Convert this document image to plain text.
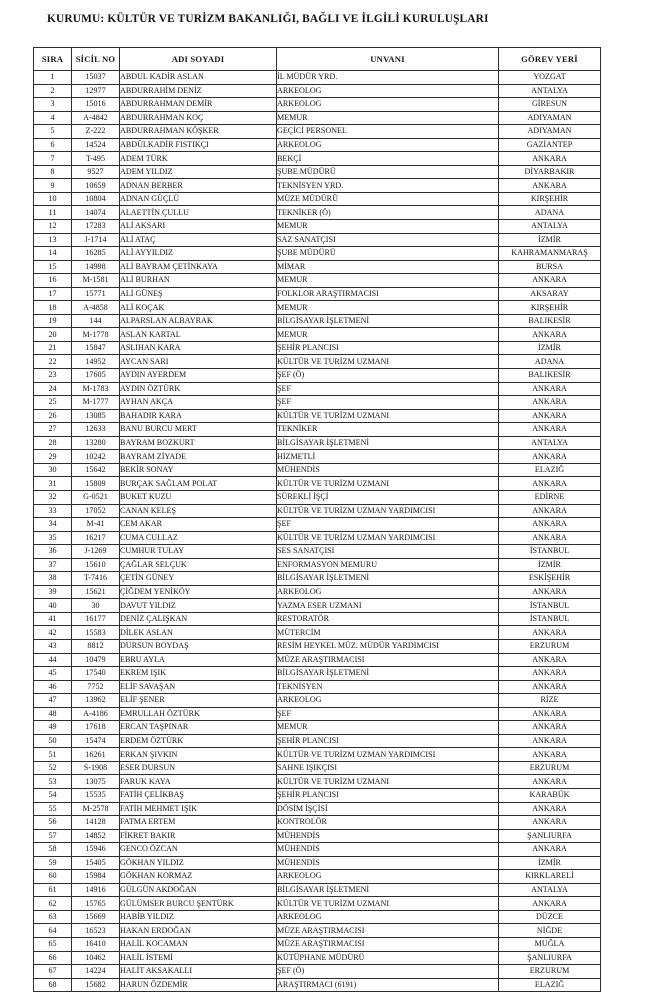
KURUMU: KÜLTÜR VE TURİZM BAKANLIĞI, BAĞLI VE İLGİLİ KURULUŞLARI
SIRA	SİCİL NO	ADI SOYADI	UNVANI	GÖREV YERİ
1	15037	ABDUL KADİR ASLAN	İL MÜDÜR YRD.	YOZGAT
2	12977	ABDURRAHİM DENİZ	ARKEOLOG	ANTALYA
3	15016	ABDURRAHMAN DEMİR	ARKEOLOG	GİRESUN
4	A-4842	ABDURRAHMAN KOÇ	MEMUR	ADIYAMAN
5	Z-222	ABDURRAHMAN KÖŞKER	GEÇİCİ PERSONEL	ADIYAMAN
6	14524	ABDÜLKADİR FISTIKÇI	ARKEOLOG	GAZİANTEP
7	T-495	ADEM TÜRK	BEKÇİ	ANKARA
8	9527	ADEM YILDIZ	ŞUBE MÜDÜRÜ	DİYARBAKIR
9	10659	ADNAN BERBER	TEKNİSYEN YRD.	ANKARA
10	10804	ADNAN GÜÇLÜ	MÜZE MÜDÜRÜ	KIRŞEHİR
11	14074	ALAETTİN ÇULLU	TEKNİKER (Ö)	ADANA
12	17283	ALİ AKSARI	MEMUR	ANTALYA
13	J-1714	ALİ ATAÇ	SAZ SANATÇISI	İZMİR
14	16285	ALİ AYYILDIZ	ŞUBE MÜDÜRÜ	KAHRAMANMARAŞ
15	14998	ALİ BAYRAM ÇETİNKAYA	MİMAR	BURSA
16	M-1581	ALİ BURHAN	MEMUR	ANKARA
17	15771	ALİ GÜNEŞ	FOLKLOR ARAŞTIRMACISI	AKSARAY
18	A-4858	ALİ KOÇAK	MEMUR	KIRŞEHİR
19	144	ALPARSLAN ALBAYRAK	BİLGİSAYAR İŞLETMENİ	BALIKESİR
20	M-1778	ASLAN KARTAL	MEMUR	ANKARA
21	15847	ASLIHAN KARA	ŞEHİR PLANCISI	İZMİR
22	14952	AYCAN SARI	KÜLTÜR VE TURİZM UZMANI	ADANA
23	17605	AYDIN AYERDEM	ŞEF (Ö)	BALIKESİR
24	M-1783	AYDIN ÖZTÜRK	ŞEF	ANKARA
25	M-1777	AYHAN AKÇA	ŞEF	ANKARA
26	13085	BAHADIR KARA	KÜLTÜR VE TURİZM UZMANI	ANKARA
27	12633	BANU BURCU MERT	TEKNİKER	ANKARA
28	13280	BAYRAM BOZKURT	BİLGİSAYAR İŞLETMENİ	ANTALYA
29	10242	BAYRAM ZİYADE	HİZMETLİ	ANKARA
30	15642	BEKİR SONAY	MÜHENDİS	ELAZIĞ
31	15809	BURÇAK SAĞLAM POLAT	KÜLTÜR VE TURİZM UZMANI	ANKARA
32	G-0521	BUKET KUZU	SÜREKLİ İŞÇİ	EDİRNE
33	17052	CANAN KELEŞ	KÜLTÜR VE TURİZM UZMAN YARDIMCISI	ANKARA
34	M-41	CEM AKAR	ŞEF	ANKARA
35	16217	CUMA CULLAZ	KÜLTÜR VE TURİZM UZMAN YARDIMCISI	ANKARA
36	J-1269	CUMHUR TULAY	SES SANATÇISI	İSTANBUL
37	15610	ÇAĞLAR SELÇUK	ENFORMASYON MEMURU	İZMİR
38	T-7416	ÇETİN GÜNEY	BİLGİSAYAR İŞLETMENİ	ESKİŞEHİR
39	15621	ÇİĞDEM YENİKÖY	ARKEOLOG	ANKARA
40	30	DAVUT YILDIZ	YAZMA ESER UZMANI	İSTANBUL
41	16177	DENİZ ÇALIŞKAN	RESTORATÖR	İSTANBUL
42	15583	DİLEK ASLAN	MÜTERCİM	ANKARA
43	8812	DURSUN BOYDAŞ	RESİM HEYKEL MÜZ. MÜDÜR YARDIMCISI	ERZURUM
44	10479	EBRU AYLA	MÜZE ARAŞTIRMACISI	ANKARA
45	17540	EKREM IŞIK	BİLGİSAYAR İŞLETMENİ	ANKARA
46	7752	ELİF SAVAŞAN	TEKNİSYEN	ANKARA
47	13962	ELİF ŞENER	ARKEOLOG	RİZE
48	A-4186	EMRULLAH ÖZTÜRK	ŞEF	ANKARA
49	17618	ERCAN TAŞPINAR	MEMUR	ANKARA
50	15474	ERDEM ÖZTÜRK	ŞEHİR PLANCISI	ANKARA
51	16261	ERKAN ŞIVKIN	KÜLTÜR VE TURİZM UZMAN YARDIMCISI	ANKARA
52	S-1908	ESER DURSUN	SAHNE IŞIKÇISI	ERZURUM
53	13075	FARUK KAYA	KÜLTÜR VE TURİZM UZMANI	ANKARA
54	15535	FATİH ÇELİKBAŞ	ŞEHİR PLANCISI	KARABÜK
55	M-2578	FATİH MEHMET IŞIK	DÖSİM İŞÇİSİ	ANKARA
56	14128	FATMA ERTEM	KONTROLÖR	ANKARA
57	14852	FİKRET BAKIR	MÜHENDİS	ŞANLIURFA
58	15946	GENCO ÖZCAN	MÜHENDİS	ANKARA
59	15405	GÖKHAN YILDIZ	MÜHENDİS	İZMİR
60	15984	GÖKHAN KORMAZ	ARKEOLOG	KIRKLARELİ
61	14916	GÜLGÜN AKDOĞAN	BİLGİSAYAR İŞLETMENİ	ANTALYA
62	15765	GÜLÜMSER BURCU ŞENTÜRK	KÜLTÜR VE TURİZM UZMANI	ANKARA
63	15669	HABİB YILDIZ	ARKEOLOG	DÜZCE
64	16523	HAKAN ERDOĞAN	MÜZE ARAŞTIRMACISI	NİĞDE
65	16410	HALİL KOCAMAN	MÜZE ARAŞTIRMACISI	MUĞLA
66	10462	HALİL İSTEMİ	KÜTÜPHANE MÜDÜRÜ	ŞANLIURFA
67	14224	HALİT AKSAKALLI	ŞEF (Ö)	ERZURUM
68	15682	HARUN ÖZDEMİR	ARAŞTIRMACI (6191)	ELAZIĞ
